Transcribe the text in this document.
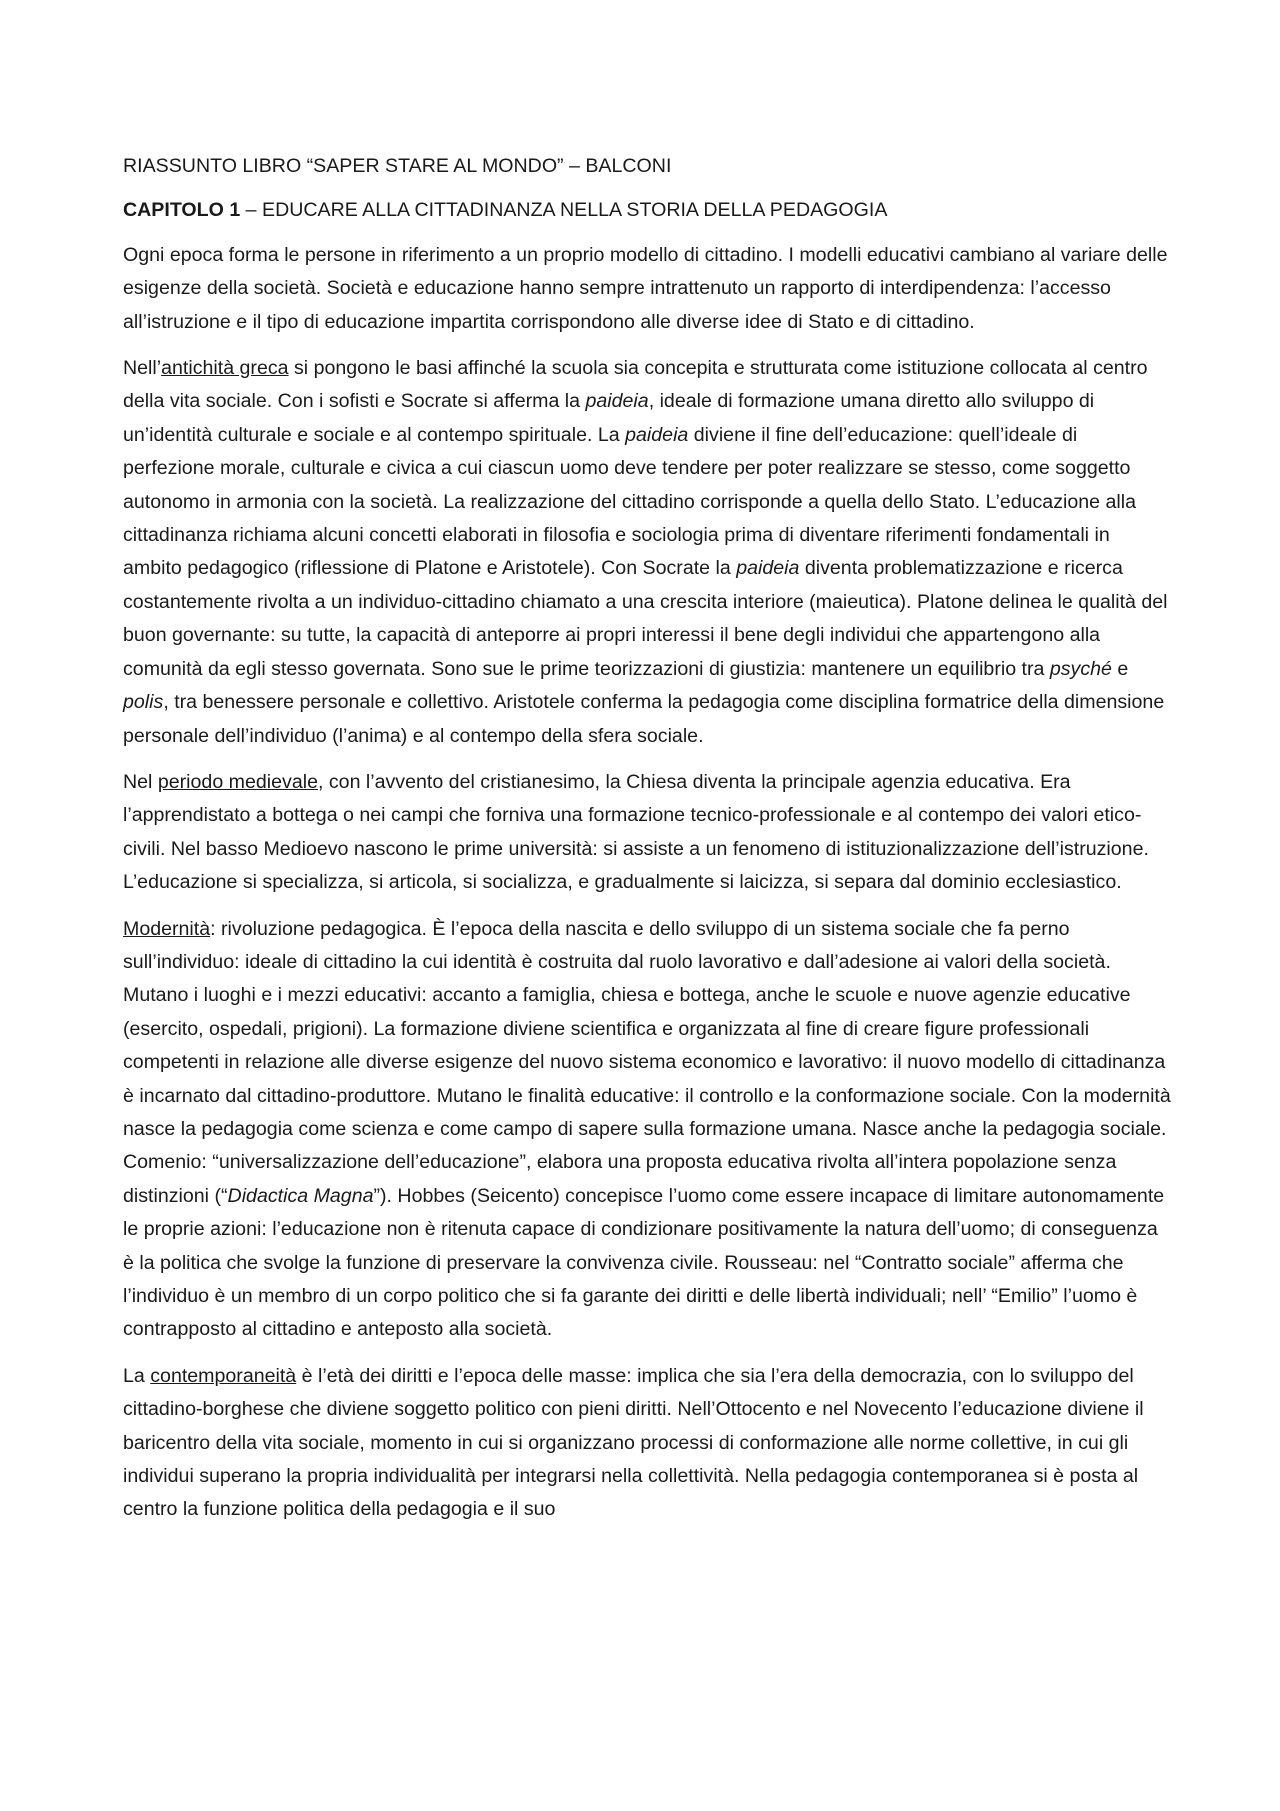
RIASSUNTO LIBRO “SAPER STARE AL MONDO” – BALCONI

CAPITOLO 1 – EDUCARE ALLA CITTADINANZA NELLA STORIA DELLA PEDAGOGIA

Ogni epoca forma le persone in riferimento a un proprio modello di cittadino. I modelli educativi cambiano al variare delle esigenze della società. Società e educazione hanno sempre intrattenuto un rapporto di interdipendenza: l’accesso all’istruzione e il tipo di educazione impartita corrispondono alle diverse idee di Stato e di cittadino.

Nell’antichità greca si pongono le basi affinché la scuola sia concepita e strutturata come istituzione collocata al centro della vita sociale. Con i sofisti e Socrate si afferma la paideia, ideale di formazione umana diretto allo sviluppo di un’identità culturale e sociale e al contempo spirituale. La paideia diviene il fine dell’educazione: quell’ideale di perfezione morale, culturale e civica a cui ciascun uomo deve tendere per poter realizzare se stesso, come soggetto autonomo in armonia con la società. La realizzazione del cittadino corrisponde a quella dello Stato. L’educazione alla cittadinanza richiama alcuni concetti elaborati in filosofia e sociologia prima di diventare riferimenti fondamentali in ambito pedagogico (riflessione di Platone e Aristotele). Con Socrate la paideia diventa problematizzazione e ricerca costantemente rivolta a un individuo-cittadino chiamato a una crescita interiore (maieutica). Platone delinea le qualità del buon governante: su tutte, la capacità di anteporre ai propri interessi il bene degli individui che appartengono alla comunità da egli stesso governata. Sono sue le prime teorizzazioni di giustizia: mantenere un equilibrio tra psyché e polis, tra benessere personale e collettivo. Aristotele conferma la pedagogia come disciplina formatrice della dimensione personale dell’individuo (l’anima) e al contempo della sfera sociale.

Nel periodo medievale, con l’avvento del cristianesimo, la Chiesa diventa la principale agenzia educativa. Era l’apprendistato a bottega o nei campi che forniva una formazione tecnico-professionale e al contempo dei valori etico-civili. Nel basso Medioevo nascono le prime università: si assiste a un fenomeno di istituzionalizzazione dell’istruzione. L’educazione si specializza, si articola, si socializza, e gradualmente si laicizza, si separa dal dominio ecclesiastico.

Modernità: rivoluzione pedagogica. È l’epoca della nascita e dello sviluppo di un sistema sociale che fa perno sull’individuo: ideale di cittadino la cui identità è costruita dal ruolo lavorativo e dall’adesione ai valori della società. Mutano i luoghi e i mezzi educativi: accanto a famiglia, chiesa e bottega, anche le scuole e nuove agenzie educative (esercito, ospedali, prigioni). La formazione diviene scientifica e organizzata al fine di creare figure professionali competenti in relazione alle diverse esigenze del nuovo sistema economico e lavorativo: il nuovo modello di cittadinanza è incarnato dal cittadino-produttore. Mutano le finalità educative: il controllo e la conformazione sociale. Con la modernità nasce la pedagogia come scienza e come campo di sapere sulla formazione umana. Nasce anche la pedagogia sociale. Comenio: “universalizzazione dell’educazione”, elabora una proposta educativa rivolta all’intera popolazione senza distinzioni (“Didactica Magna”). Hobbes (Seicento) concepisce l’uomo come essere incapace di limitare autonomamente le proprie azioni: l’educazione non è ritenuta capace di condizionare positivamente la natura dell’uomo; di conseguenza è la politica che svolge la funzione di preservare la convivenza civile. Rousseau: nel “Contratto sociale” afferma che l’individuo è un membro di un corpo politico che si fa garante dei diritti e delle libertà individuali; nell’ “Emilio” l’uomo è contrapposto al cittadino e anteposto alla società.

La contemporaneità è l’età dei diritti e l’epoca delle masse: implica che sia l’era della democrazia, con lo sviluppo del cittadino-borghese che diviene soggetto politico con pieni diritti. Nell’Ottocento e nel Novecento l’educazione diviene il baricentro della vita sociale, momento in cui si organizzano processi di conformazione alle norme collettive, in cui gli individui superano la propria individualità per integrarsi nella collettività. Nella pedagogia contemporanea si è posta al centro la funzione politica della pedagogia e il suo
